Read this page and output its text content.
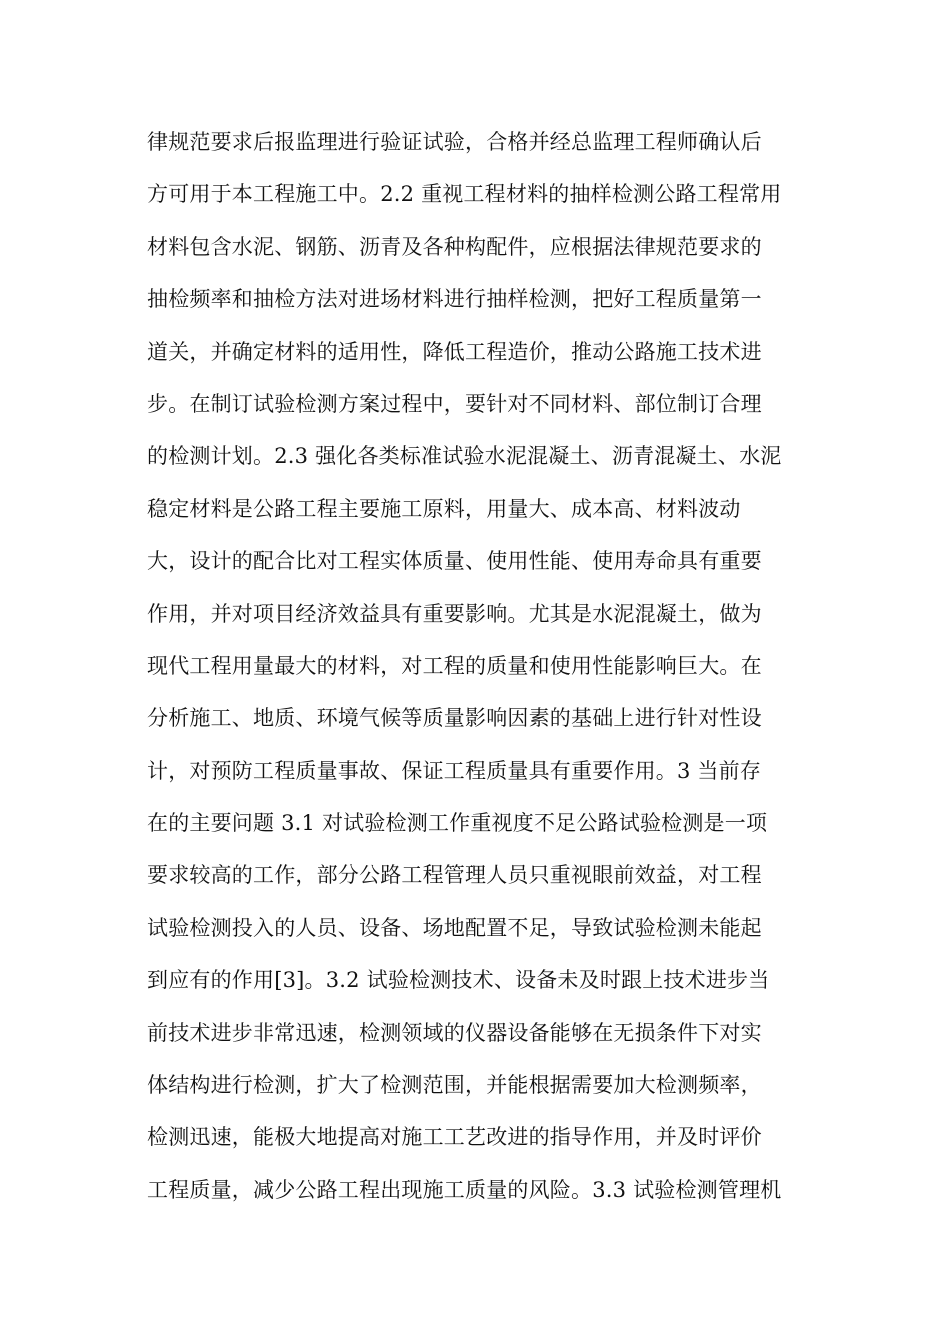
律规范要求后报监理进行验证试验，合格并经总监理工程师确认后
方可用于本工程施工中。2.2 重视工程材料的抽样检测公路工程常用
材料包含水泥、钢筋、沥青及各种构配件，应根据法律规范要求的
抽检频率和抽检方法对进场材料进行抽样检测，把好工程质量第一
道关，并确定材料的适用性，降低工程造价，推动公路施工技术进
步。在制订试验检测方案过程中，要针对不同材料、部位制订合理
的检测计划。2.3 强化各类标准试验水泥混凝土、沥青混凝土、水泥
稳定材料是公路工程主要施工原料，用量大、成本高、材料波动
大，设计的配合比对工程实体质量、使用性能、使用寿命具有重要
作用，并对项目经济效益具有重要影响。尤其是水泥混凝土，做为
现代工程用量最大的材料，对工程的质量和使用性能影响巨大。在
分析施工、地质、环境气候等质量影响因素的基础上进行针对性设
计，对预防工程质量事故、保证工程质量具有重要作用。3 当前存
在的主要问题 3.1 对试验检测工作重视度不足公路试验检测是一项
要求较高的工作，部分公路工程管理人员只重视眼前效益，对工程
试验检测投入的人员、设备、场地配置不足，导致试验检测未能起
到应有的作用[3]。3.2 试验检测技术、设备未及时跟上技术进步当
前技术进步非常迅速，检测领域的仪器设备能够在无损条件下对实
体结构进行检测，扩大了检测范围，并能根据需要加大检测频率，
检测迅速，能极大地提高对施工工艺改进的指导作用，并及时评价
工程质量，减少公路工程出现施工质量的风险。3.3 试验检测管理机
